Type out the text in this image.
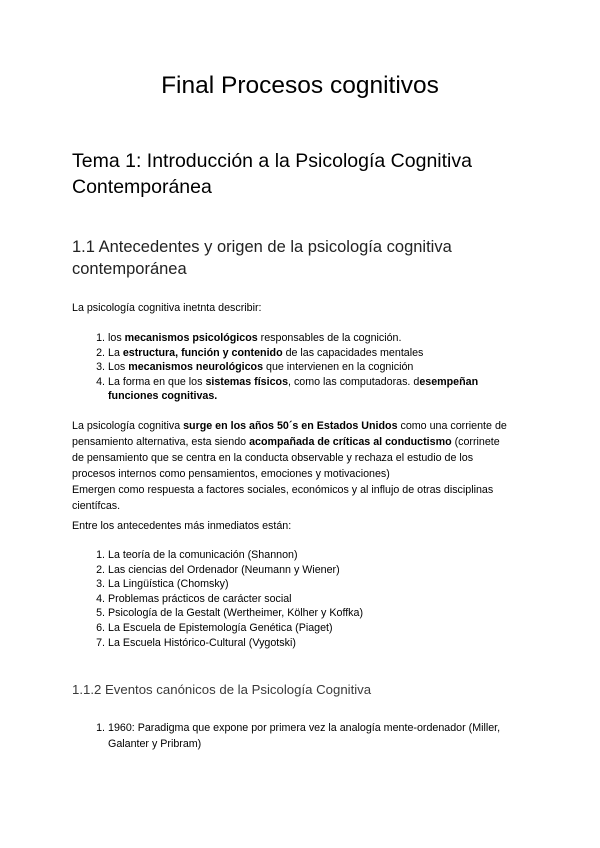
Final Procesos cognitivos
Tema 1: Introducción a la Psicología Cognitiva
Contemporánea
1.1 Antecedentes y origen de la psicología cognitiva
contemporánea
La psicología cognitiva inetnta describir:
1. los mecanismos psicológicos responsables de la cognición.
2. La estructura, función y contenido de las capacidades mentales
3. Los mecanismos neurológicos que intervienen en la cognición
4. La forma en que los sistemas físicos, como las computadoras. desempeñan
funciones cognitivas.
La psicología cognitiva surge en los años 50´s en Estados Unidos como una corriente de
pensamiento alternativa, esta siendo acompañada de críticas al conductismo (corrinete
de pensamiento que se centra en la conducta observable y rechaza el estudio de los
procesos internos como pensamientos, emociones y motivaciones)
Emergen como respuesta a factores sociales, económicos y al influjo de otras disciplinas
científcas.
Entre los antecedentes más inmediatos están:
1. La teoría de la comunicación (Shannon)
2. Las ciencias del Ordenador (Neumann y Wiener)
3. La Lingüística (Chomsky)
4. Problemas prácticos de carácter social
5. Psicología de la Gestalt (Wertheimer, Kölher y Koffka)
6. La Escuela de Epistemología Genética (Piaget)
7. La Escuela Histórico-Cultural (Vygotski)
1.1.2 Eventos canónicos de la Psicología Cognitiva
1. 1960: Paradigma que expone por primera vez la analogía mente-ordenador (Miller,
Galanter y Pribram)
